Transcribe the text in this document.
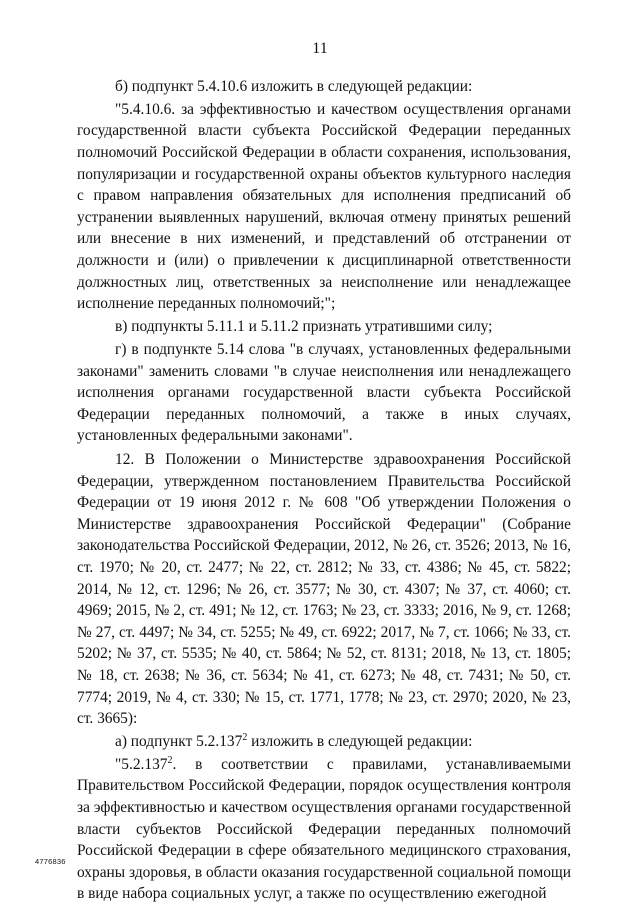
11

б) подпункт 5.4.10.6 изложить в следующей редакции:

"5.4.10.6. за эффективностью и качеством осуществления органами государственной власти субъекта Российской Федерации переданных полномочий Российской Федерации в области сохранения, использования, популяризации и государственной охраны объектов культурного наследия с правом направления обязательных для исполнения предписаний об устранении выявленных нарушений, включая отмену принятых решений или внесение в них изменений, и представлений об отстранении от должности и (или) о привлечении к дисциплинарной ответственности должностных лиц, ответственных за неисполнение или ненадлежащее исполнение переданных полномочий;";

в) подпункты 5.11.1 и 5.11.2 признать утратившими силу;

г) в подпункте 5.14 слова "в случаях, установленных федеральными законами" заменить словами "в случае неисполнения или ненадлежащего исполнения органами государственной власти субъекта Российской Федерации переданных полномочий, а также в иных случаях, установленных федеральными законами".

12. В Положении о Министерстве здравоохранения Российской Федерации, утвержденном постановлением Правительства Российской Федерации от 19 июня 2012 г. № 608 "Об утверждении Положения о Министерстве здравоохранения Российской Федерации" (Собрание законодательства Российской Федерации, 2012, № 26, ст. 3526; 2013, № 16, ст. 1970; № 20, ст. 2477; № 22, ст. 2812; № 33, ст. 4386; № 45, ст. 5822; 2014, № 12, ст. 1296; № 26, ст. 3577; № 30, ст. 4307; № 37, ст. 4060; ст. 4969; 2015, № 2, ст. 491; № 12, ст. 1763; № 23, ст. 3333; 2016, № 9, ст. 1268; № 27, ст. 4497; № 34, ст. 5255; № 49, ст. 6922; 2017, № 7, ст. 1066; № 33, ст. 5202; № 37, ст. 5535; № 40, ст. 5864; № 52, ст. 8131; 2018, № 13, ст. 1805; № 18, ст. 2638; № 36, ст. 5634; № 41, ст. 6273; № 48, ст. 7431; № 50, ст. 7774; 2019, № 4, ст. 330; № 15, ст. 1771, 1778; № 23, ст. 2970; 2020, № 23, ст. 3665):

а) подпункт 5.2.137$^2$ изложить в следующей редакции:

"5.2.137$^2$. в соответствии с правилами, устанавливаемыми Правительством Российской Федерации, порядок осуществления контроля за эффективностью и качеством осуществления органами государственной власти субъектов Российской Федерации переданных полномочий Российской Федерации в сфере обязательного медицинского страхования, охраны здоровья, в области оказания государственной социальной помощи в виде набора социальных услуг, а также по осуществлению ежегодной

4776836
